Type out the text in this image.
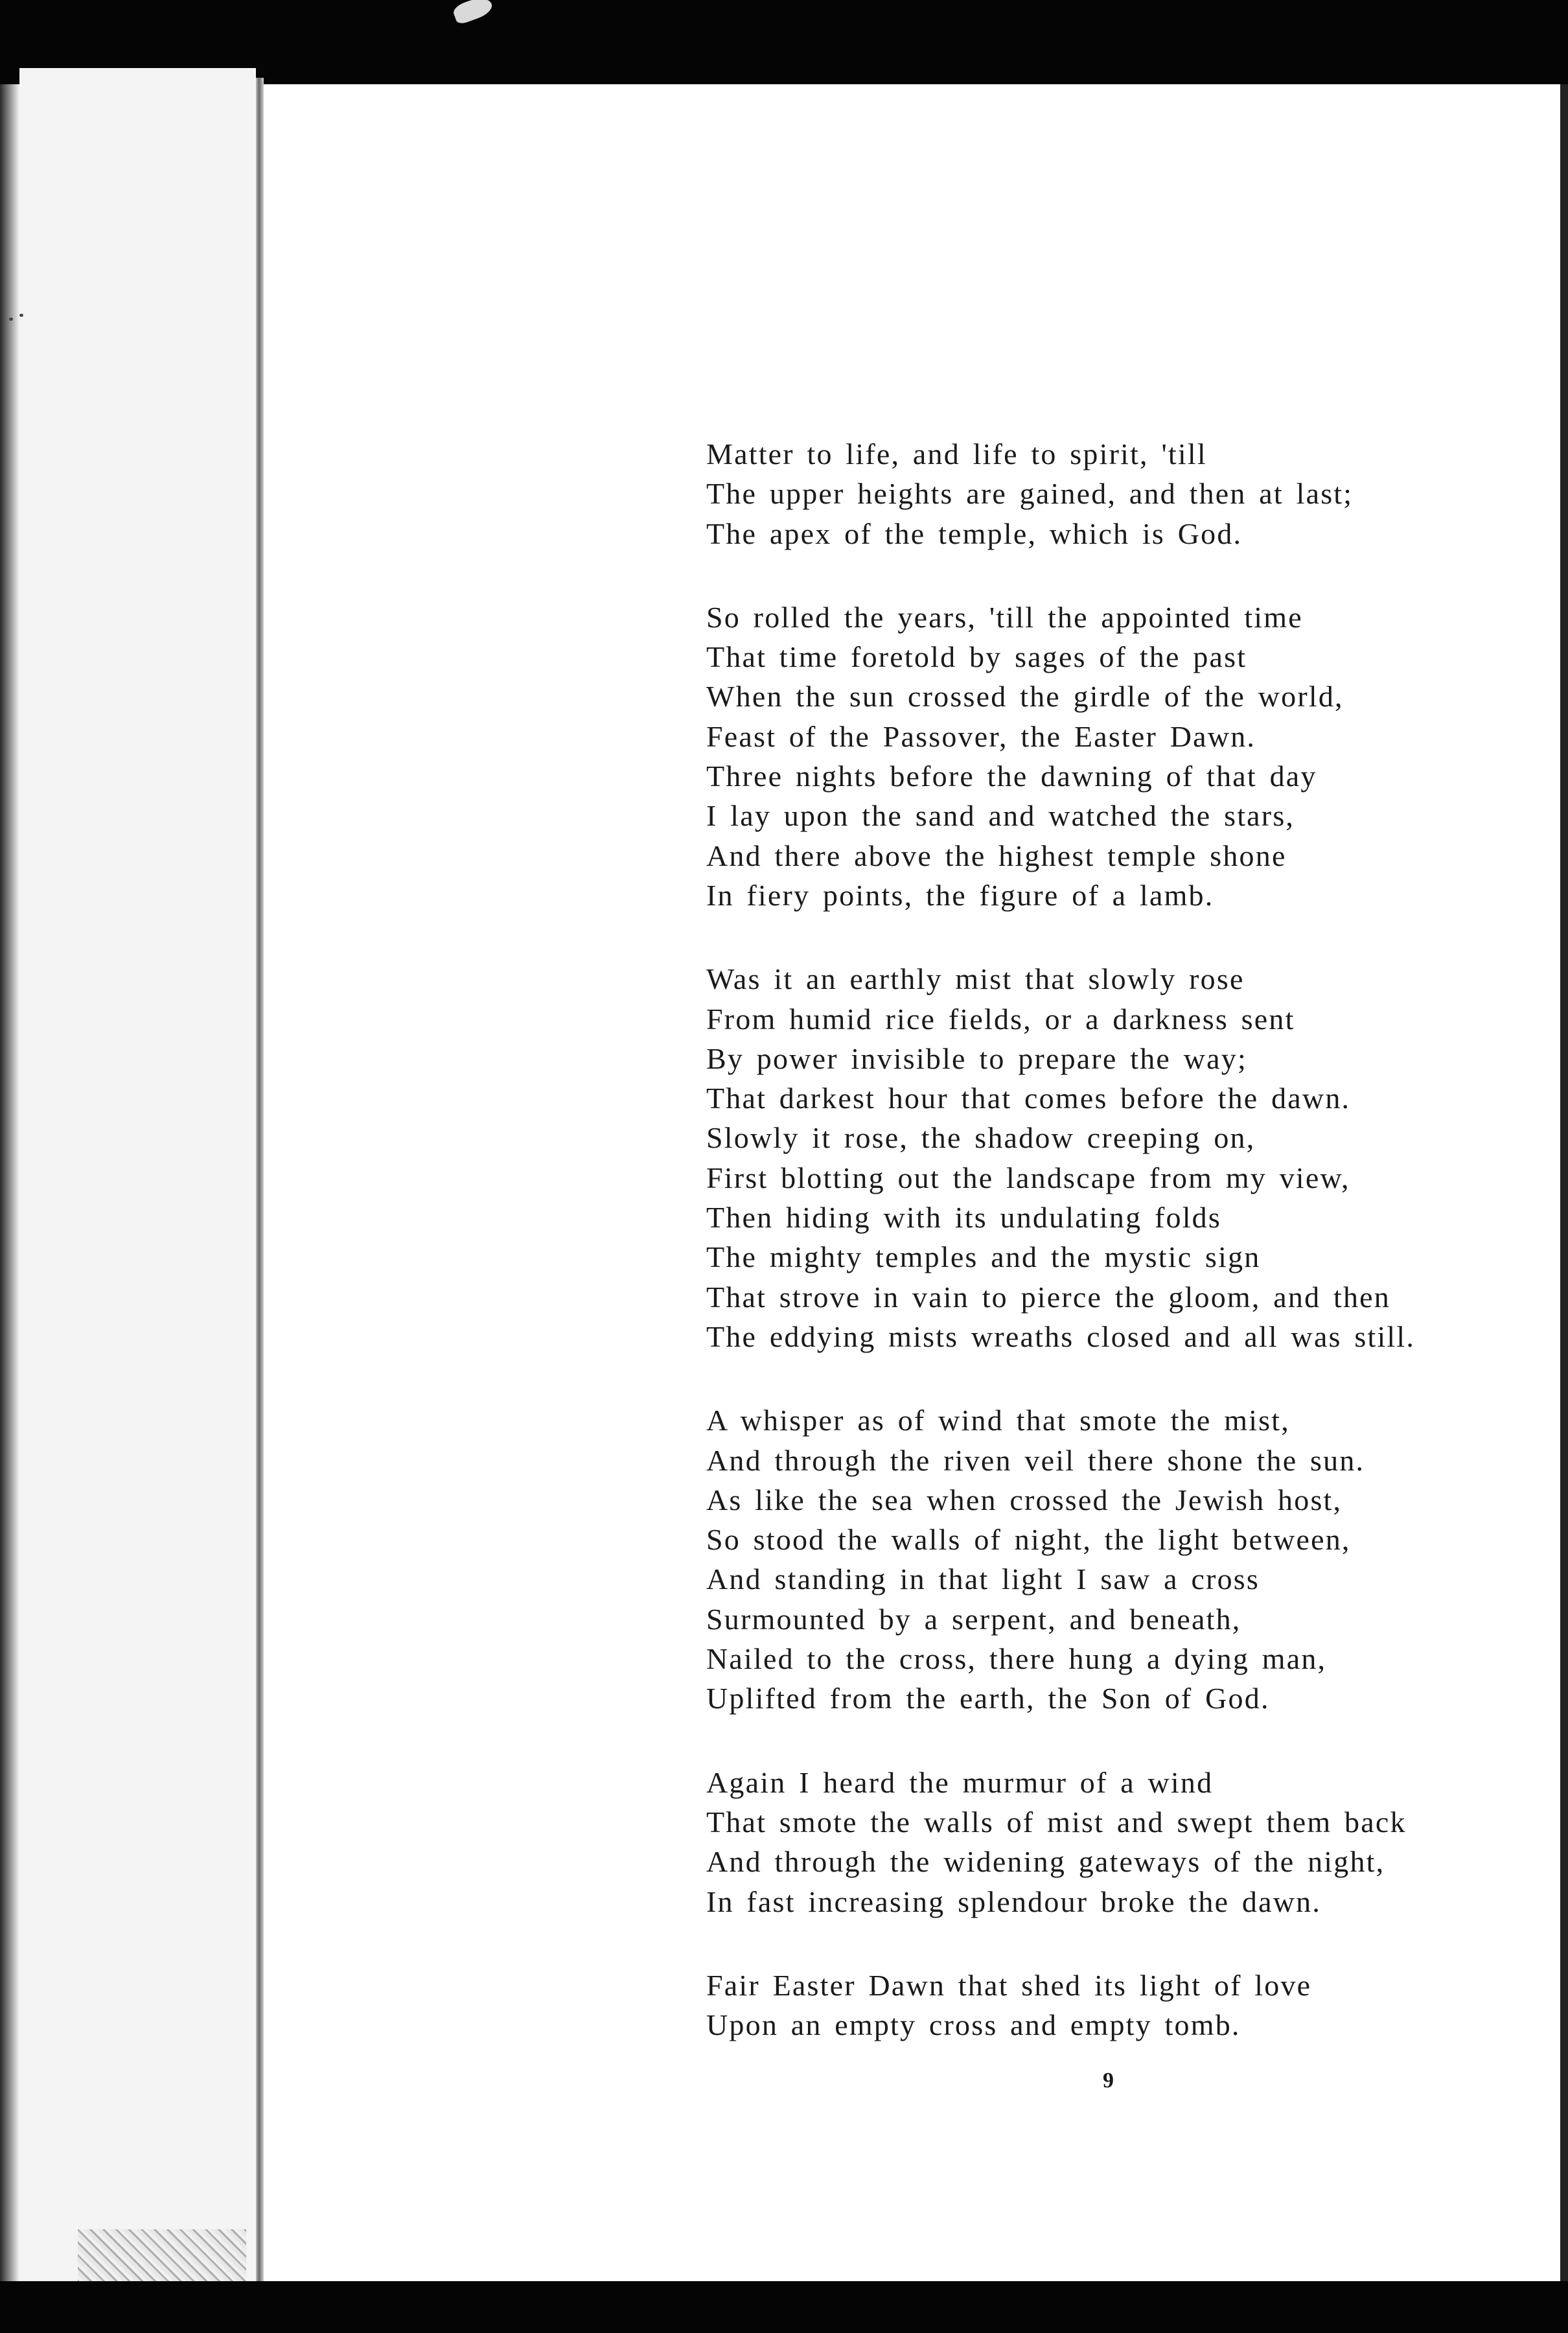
Matter to life, and life to spirit, 'till
The upper heights are gained, and then at last;
The apex of the temple, which is God.
So rolled the years, 'till the appointed time
That time foretold by sages of the past
When the sun crossed the girdle of the world,
Feast of the Passover, the Easter Dawn.
Three nights before the dawning of that day
I lay upon the sand and watched the stars,
And there above the highest temple shone
In fiery points, the figure of a lamb.
Was it an earthly mist that slowly rose
From humid rice fields, or a darkness sent
By power invisible to prepare the way;
That darkest hour that comes before the dawn.
Slowly it rose, the shadow creeping on,
First blotting out the landscape from my view,
Then hiding with its undulating folds
The mighty temples and the mystic sign
That strove in vain to pierce the gloom, and then
The eddying mists wreaths closed and all was still.
A whisper as of wind that smote the mist,
And through the riven veil there shone the sun.
As like the sea when crossed the Jewish host,
So stood the walls of night, the light between,
And standing in that light I saw a cross
Surmounted by a serpent, and beneath,
Nailed to the cross, there hung a dying man,
Uplifted from the earth, the Son of God.
Again I heard the murmur of a wind
That smote the walls of mist and swept them back
And through the widening gateways of the night,
In fast increasing splendour broke the dawn.
Fair Easter Dawn that shed its light of love
Upon an empty cross and empty tomb.
9
